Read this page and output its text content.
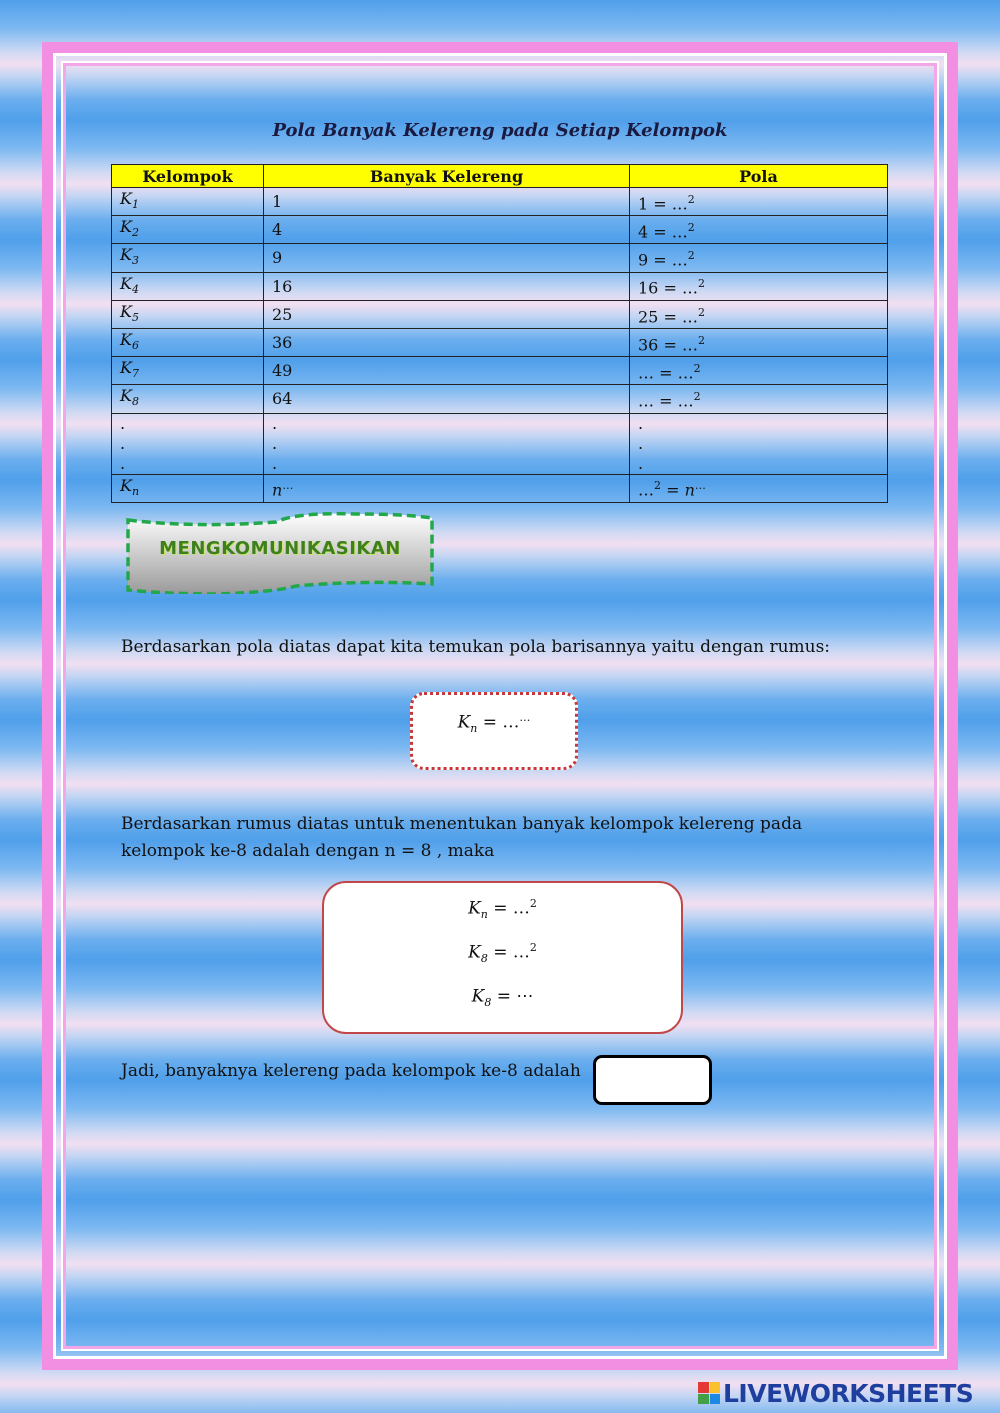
Pola Banyak Kelereng pada Setiap Kelompok
Kelompok	Banyak Kelereng	Pola
$K_1$	1	1 = …$^2$
$K_2$	4	4 = …$^2$
$K_3$	9	9 = …$^2$
$K_4$	16	16 = …$^2$
$K_5$	25	25 = …$^2$
$K_6$	36	36 = …$^2$
$K_7$	49	… = …$^2$
$K_8$	64	… = …$^2$
.	.	.
.	.	.
.	.	.
$K_n$	n…	…$^2$ = n…
MENGKOMUNIKASIKAN
Berdasarkan pola diatas dapat kita temukan pola barisannya yaitu dengan rumus:
$K_n$ = ……
Berdasarkan rumus diatas untuk menentukan banyak kelompok kelereng pada
kelompok ke-8 adalah dengan n = 8 , maka
$K_n$ = …$^2$
$K_8$ = …$^2$
$K_8$ = ⋯
Jadi, banyaknya kelereng pada kelompok ke-8 adalah
LIVEWORKSHEETS
